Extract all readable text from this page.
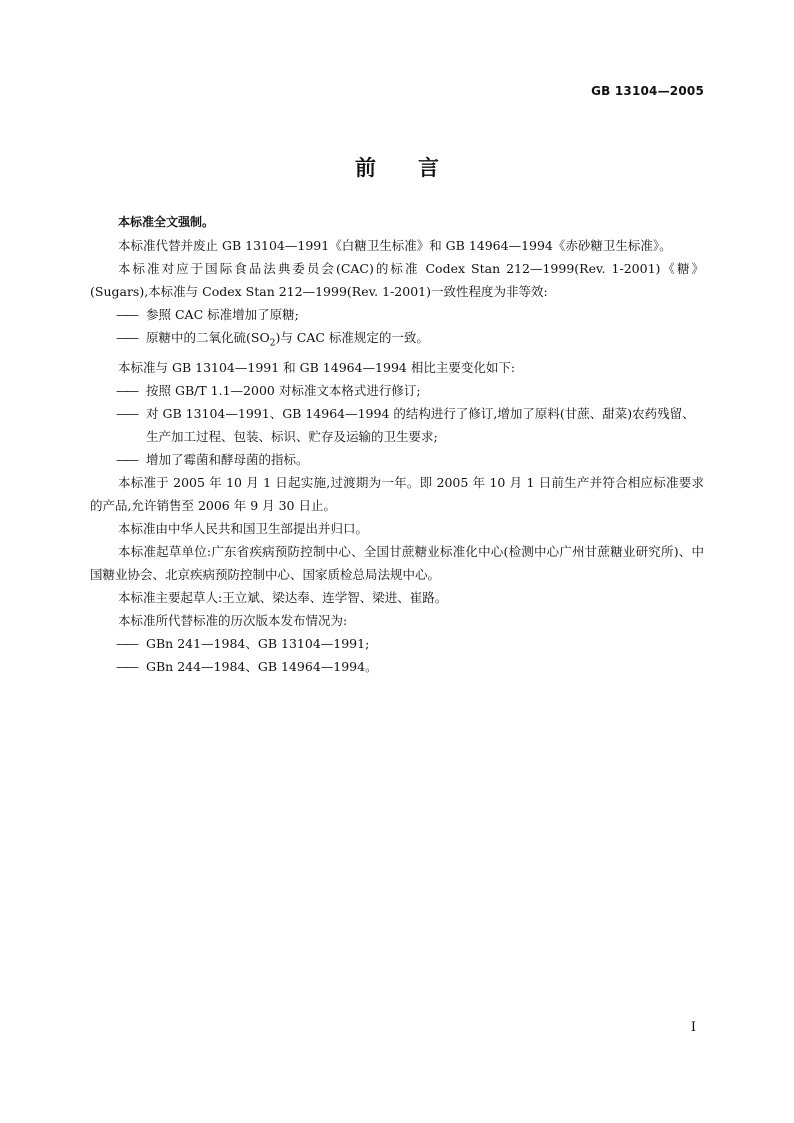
GB 13104—2005
前 言

本标准全文强制。

本标准代替并废止 GB 13104—1991《白糖卫生标准》和 GB 14964—1994《赤砂糖卫生标准》。

本标准对应于国际食品法典委员会(CAC)的标准 Codex Stan 212—1999(Rev. 1-2001)《糖》(Sugars),本标准与 Codex Stan 212—1999(Rev. 1-2001)一致性程度为非等效:

—— 参照 CAC 标准增加了原糖;

—— 原糖中的二氧化硫$(SO_2)$与 CAC 标准规定的一致。

本标准与 GB 13104—1991 和 GB 14964—1994 相比主要变化如下:

—— 按照 GB/T 1.1—2000 对标准文本格式进行修订;

—— 对 GB 13104—1991、GB 14964—1994 的结构进行了修订,增加了原料(甘蔗、甜菜)农药残留、

生产加工过程、包装、标识、贮存及运输的卫生要求;

—— 增加了霉菌和酵母菌的指标。

本标准于 2005 年 10 月 1 日起实施,过渡期为一年。即 2005 年 10 月 1 日前生产并符合相应标准要求的产品,允许销售至 2006 年 9 月 30 日止。

本标准由中华人民共和国卫生部提出并归口。

本标准起草单位:广东省疾病预防控制中心、全国甘蔗糖业标准化中心(检测中心广州甘蔗糖业研究所)、中国糖业协会、北京疾病预防控制中心、国家质检总局法规中心。

本标准主要起草人:王立斌、梁达奉、连学智、梁进、崔路。

本标准所代替标准的历次版本发布情况为:

—— GBn 241—1984、GB 13104—1991;

—— GBn 244—1984、GB 14964—1994。

I
